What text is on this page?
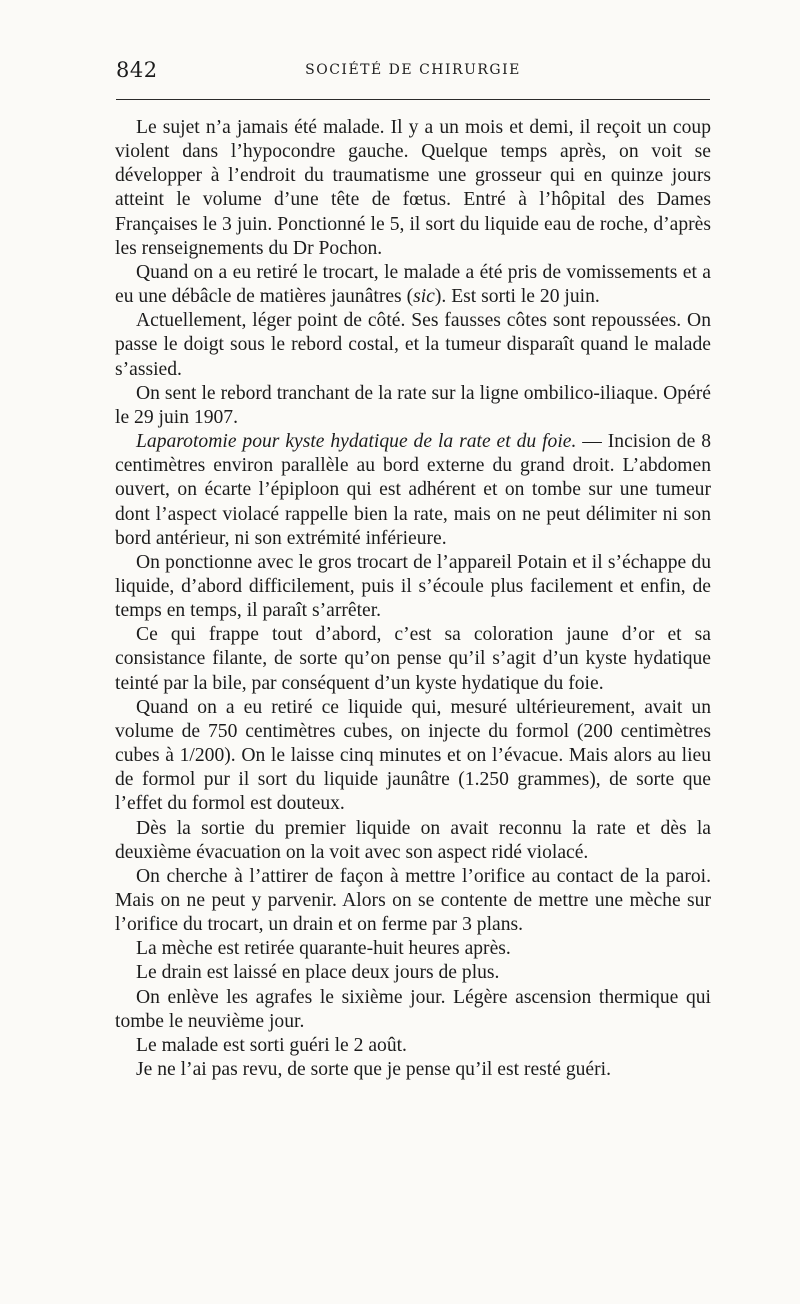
842	SOCIÉTÉ DE CHIRURGIE

Le sujet n’a jamais été malade. Il y a un mois et demi, il reçoit un coup violent dans l’hypocondre gauche. Quelque temps après, on voit se développer à l’endroit du traumatisme une grosseur qui en quinze jours atteint le volume d’une tête de fœtus. Entré à l’hôpital des Dames Françaises le 3 juin. Ponctionné le 5, il sort du liquide eau de roche, d’après les renseignements du Dr Pochon.

Quand on a eu retiré le trocart, le malade a été pris de vomissements et a eu une débâcle de matières jaunâtres (sic). Est sorti le 20 juin.

Actuellement, léger point de côté. Ses fausses côtes sont repoussées. On passe le doigt sous le rebord costal, et la tumeur disparaît quand le malade s’assied.

On sent le rebord tranchant de la rate sur la ligne ombilico-iliaque. Opéré le 29 juin 1907.

Laparotomie pour kyste hydatique de la rate et du foie. — Incision de 8 centimètres environ parallèle au bord externe du grand droit. L’abdomen ouvert, on écarte l’épiploon qui est adhérent et on tombe sur une tumeur dont l’aspect violacé rappelle bien la rate, mais on ne peut délimiter ni son bord antérieur, ni son extrémité inférieure.

On ponctionne avec le gros trocart de l’appareil Potain et il s’échappe du liquide, d’abord difficilement, puis il s’écoule plus facilement et enfin, de temps en temps, il paraît s’arrêter.

Ce qui frappe tout d’abord, c’est sa coloration jaune d’or et sa consistance filante, de sorte qu’on pense qu’il s’agit d’un kyste hydatique teinté par la bile, par conséquent d’un kyste hydatique du foie.

Quand on a eu retiré ce liquide qui, mesuré ultérieurement, avait un volume de 750 centimètres cubes, on injecte du formol (200 centimètres cubes à 1/200). On le laisse cinq minutes et on l’évacue. Mais alors au lieu de formol pur il sort du liquide jaunâtre (1.250 grammes), de sorte que l’effet du formol est douteux.

Dès la sortie du premier liquide on avait reconnu la rate et dès la deuxième évacuation on la voit avec son aspect ridé violacé.

On cherche à l’attirer de façon à mettre l’orifice au contact de la paroi. Mais on ne peut y parvenir. Alors on se contente de mettre une mèche sur l’orifice du trocart, un drain et on ferme par 3 plans.

La mèche est retirée quarante-huit heures après.

Le drain est laissé en place deux jours de plus.

On enlève les agrafes le sixième jour. Légère ascension thermique qui tombe le neuvième jour.

Le malade est sorti guéri le 2 août.

Je ne l’ai pas revu, de sorte que je pense qu’il est resté guéri.
